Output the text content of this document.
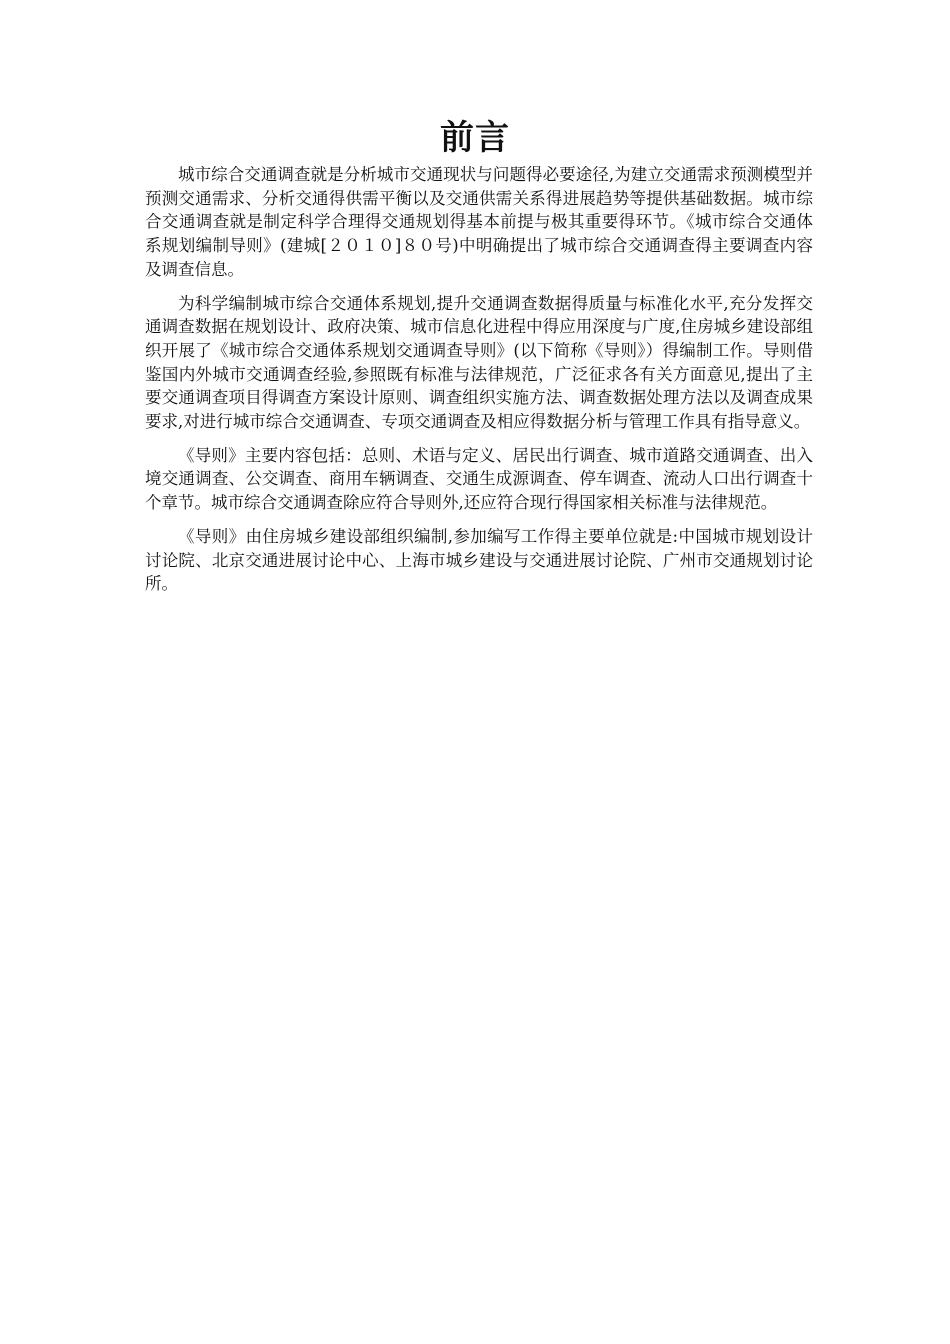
前言

城市综合交通调查就是分析城市交通现状与问题得必要途径,为建立交通需求预测模型并预测交通需求、分析交通得供需平衡以及交通供需关系得进展趋势等提供基础数据。城市综合交通调查就是制定科学合理得交通规划得基本前提与极其重要得环节。《城市综合交通体系规划编制导则》(建城[２０１０]８０号)中明确提出了城市综合交通调查得主要调查内容及调查信息。

为科学编制城市综合交通体系规划,提升交通调查数据得质量与标准化水平,充分发挥交通调查数据在规划设计、政府决策、城市信息化进程中得应用深度与广度,住房城乡建设部组织开展了《城市综合交通体系规划交通调查导则》(以下简称《导则》）得编制工作。导则借鉴国内外城市交通调查经验,参照既有标准与法律规范，广泛征求各有关方面意见,提出了主要交通调查项目得调查方案设计原则、调查组织实施方法、调查数据处理方法以及调查成果要求,对进行城市综合交通调查、专项交通调查及相应得数据分析与管理工作具有指导意义。

《导则》主要内容包括：总则、术语与定义、居民出行调查、城市道路交通调查、出入境交通调查、公交调查、商用车辆调查、交通生成源调查、停车调查、流动人口出行调查十个章节。城市综合交通调查除应符合导则外,还应符合现行得国家相关标准与法律规范。

《导则》由住房城乡建设部组织编制,参加编写工作得主要单位就是:中国城市规划设计讨论院、北京交通进展讨论中心、上海市城乡建设与交通进展讨论院、广州市交通规划讨论所。
